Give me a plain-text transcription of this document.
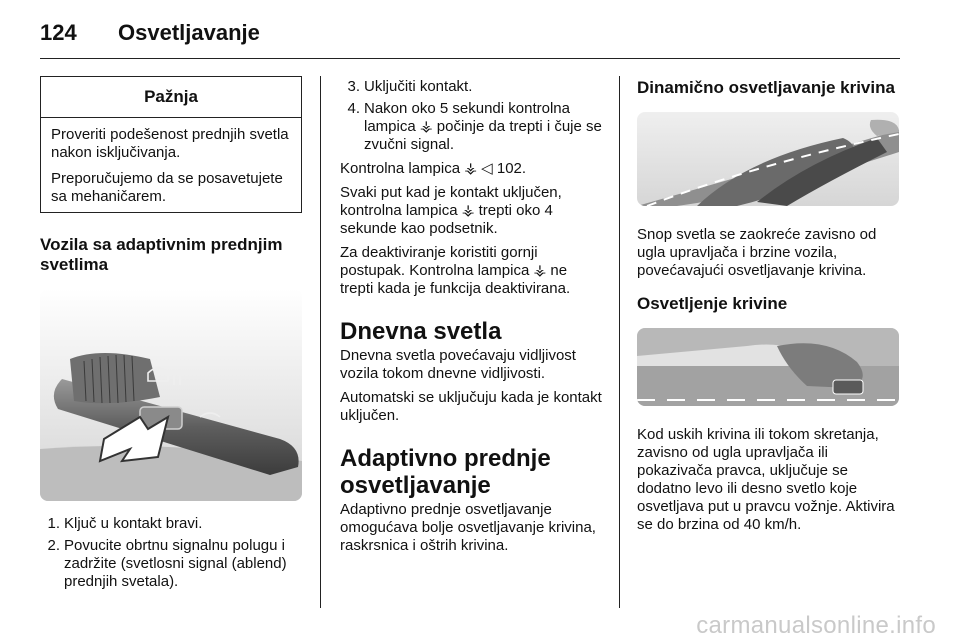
124 Osvetljavanje
Pažnja

Proveriti podešenost prednjih svetla nakon isključivanja.

Preporučujemo da se posavetujete sa mehaničarem.

Vozila sa adaptivnim prednjim svetlima
1. Ključ u kontakt bravi.
2. Povucite obrtnu signalnu polugu i zadržite (svetlosni signal (ablend) prednjih svetala).
3. Uključiti kontakt.
4. Nakon oko 5 sekundi kontrolna lampica ⚶ počinje da trepti i čuje se zvučni signal.

Kontrolna lampica ⚶ ◁ 102.

Svaki put kad je kontakt uključen, kontrolna lampica ⚶ trepti oko 4 sekunde kao podsetnik.

Za deaktiviranje koristiti gornji postupak. Kontrolna lampica ⚶ ne trepti kada je funkcija deaktivirana.

Dnevna svetla

Dnevna svetla povećavaju vidljivost vozila tokom dnevne vidljivosti.

Automatski se uključuju kada je kontakt uključen.

Adaptivno prednje osvetljavanje

Adaptivno prednje osvetljavanje omogućava bolje osvetljavanje krivina, raskrsnica i oštrih krivina.

Dinamično osvetljavanje krivina

Snop svetla se zaokreće zavisno od ugla upravljača i brzine vozila, povećavajući osvetljavanje krivina.

Osvetljenje krivine

Kod uskih krivina ili tokom skretanja, zavisno od ugla upravljača ili pokazivača pravca, uključuje se dodatno levo ili desno svetlo koje osvetljava put u pravcu vožnje. Aktivira se do brzina od 40 km/h.

carmanualsonline.info
